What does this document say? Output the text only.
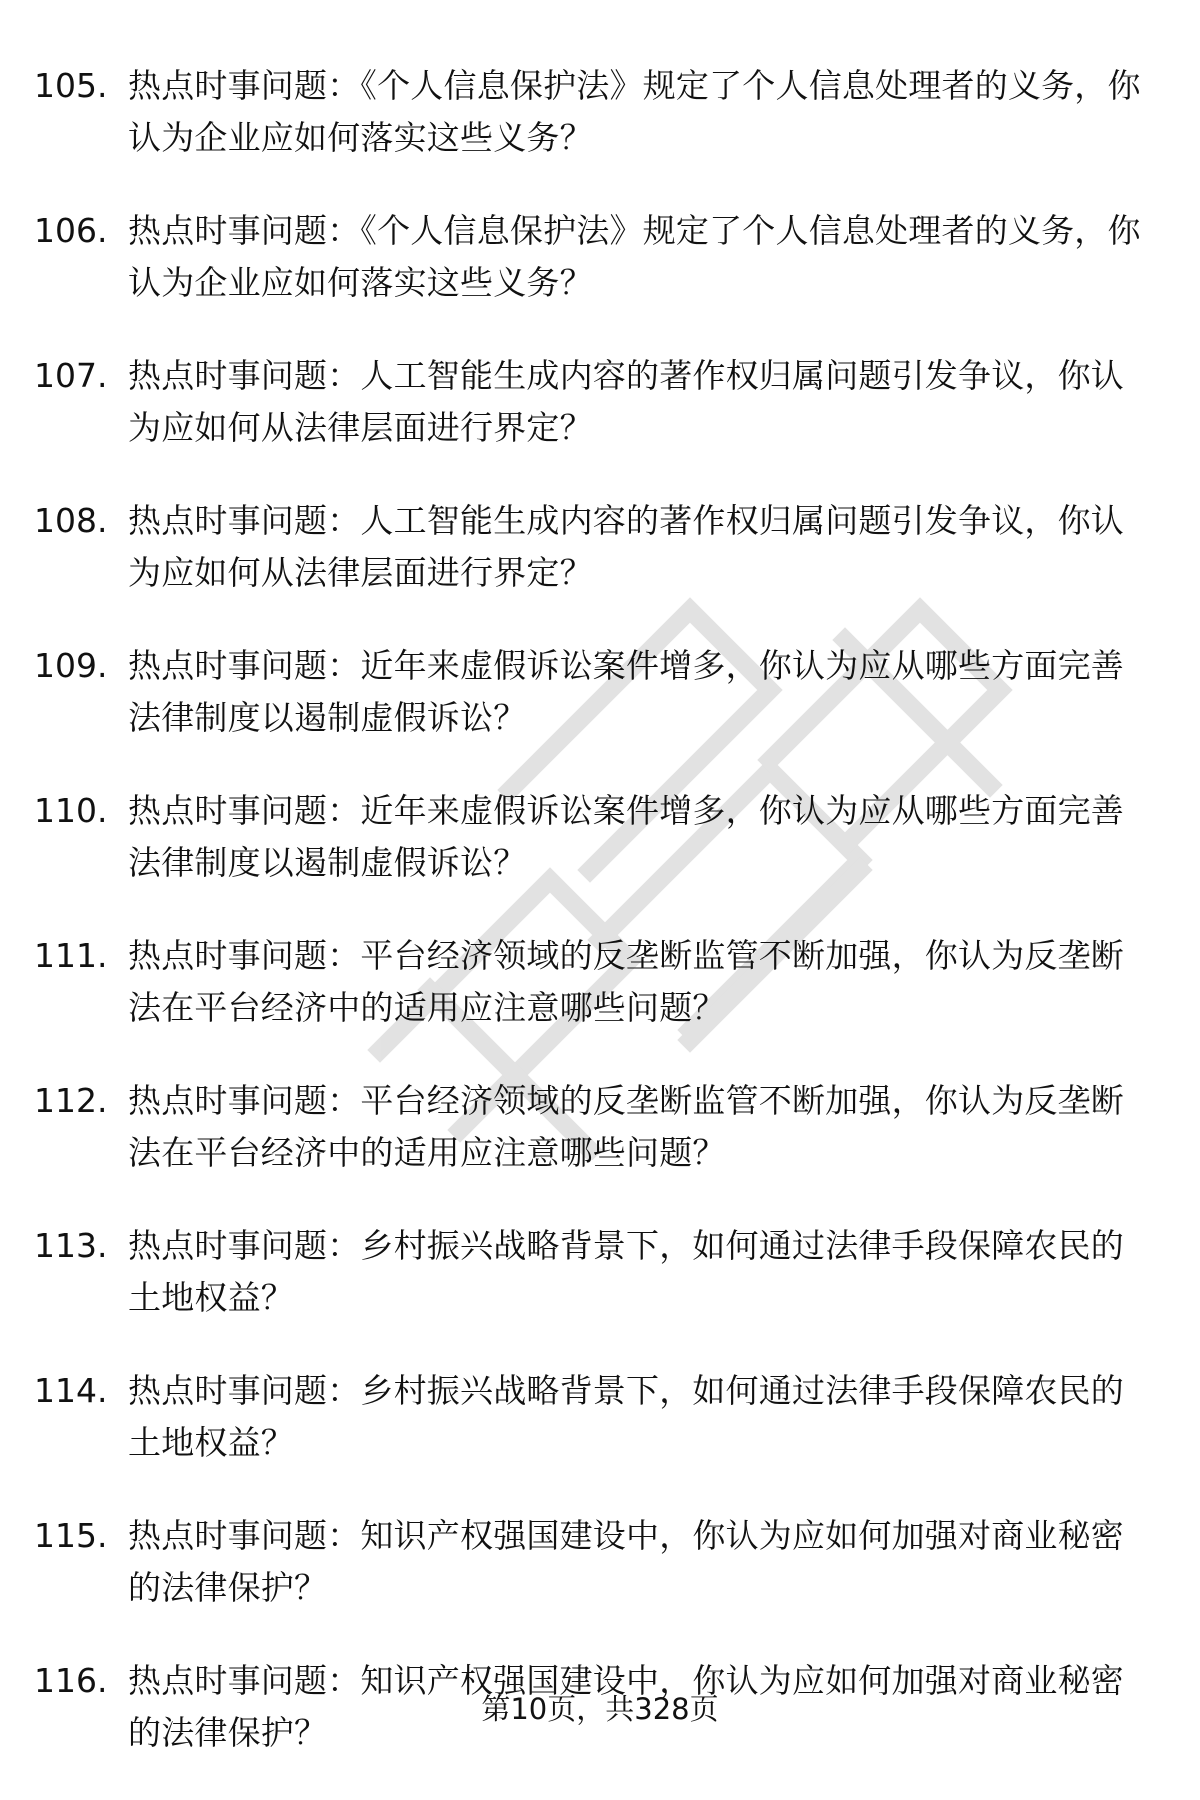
105. 热点时事问题：《个人信息保护法》规定了个人信息处理者的义务，你认为企业应如何落实这些义务？
106. 热点时事问题：《个人信息保护法》规定了个人信息处理者的义务，你认为企业应如何落实这些义务？
107. 热点时事问题：人工智能生成内容的著作权归属问题引发争议，你认为应如何从法律层面进行界定？
108. 热点时事问题：人工智能生成内容的著作权归属问题引发争议，你认为应如何从法律层面进行界定？
109. 热点时事问题：近年来虚假诉讼案件增多，你认为应从哪些方面完善法律制度以遏制虚假诉讼？
110. 热点时事问题：近年来虚假诉讼案件增多，你认为应从哪些方面完善法律制度以遏制虚假诉讼？
111. 热点时事问题：平台经济领域的反垄断监管不断加强，你认为反垄断法在平台经济中的适用应注意哪些问题？
112. 热点时事问题：平台经济领域的反垄断监管不断加强，你认为反垄断法在平台经济中的适用应注意哪些问题？
113. 热点时事问题：乡村振兴战略背景下，如何通过法律手段保障农民的土地权益？
114. 热点时事问题：乡村振兴战略背景下，如何通过法律手段保障农民的土地权益？
115. 热点时事问题：知识产权强国建设中，你认为应如何加强对商业秘密的法律保护？
116. 热点时事问题：知识产权强国建设中，你认为应如何加强对商业秘密的法律保护？
第10页，共328页
